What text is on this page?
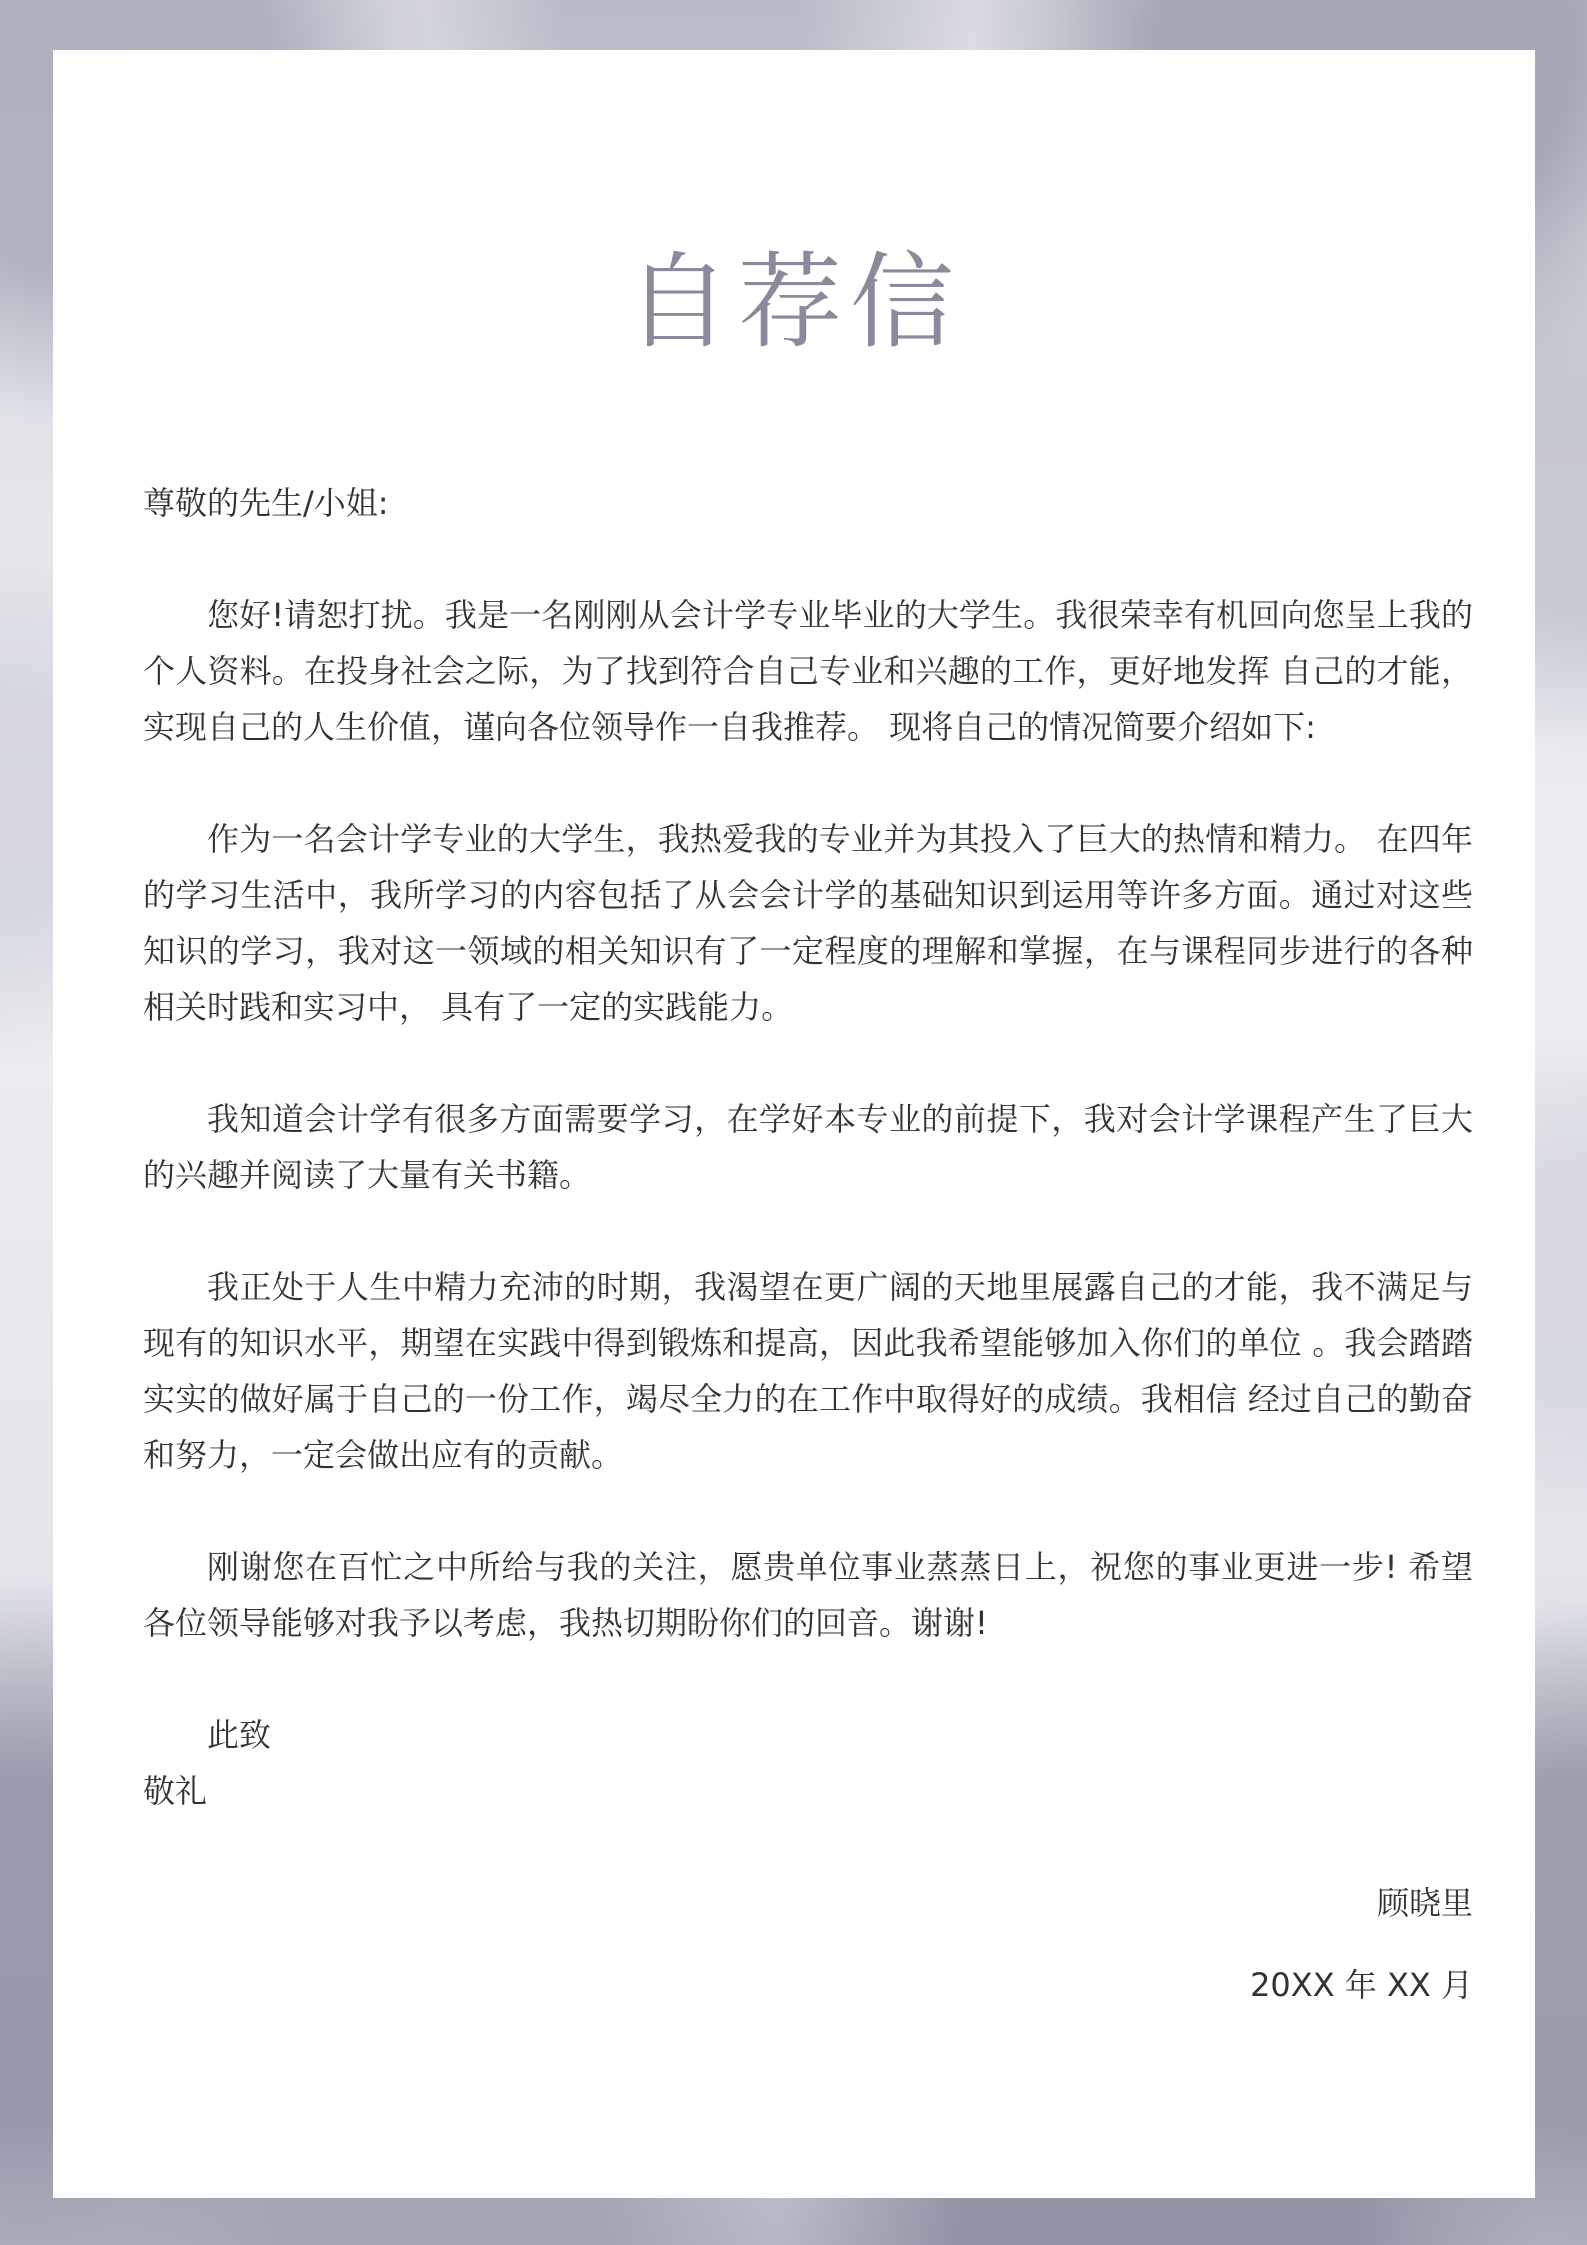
自荐信

尊敬的先生/小姐:

您好!请恕打扰。我是一名刚刚从会计学专业毕业的大学生。我很荣幸有机回向您呈上我的个人资料。在投身社会之际，为了找到符合自己专业和兴趣的工作，更好地发挥 自己的才能，实现自己的人生价值，谨向各位领导作一自我推荐。 现将自己的情况简要介绍如下:

作为一名会计学专业的大学生，我热爱我的专业并为其投入了巨大的热情和精力。 在四年的学习生活中，我所学习的内容包括了从会会计学的基础知识到运用等许多方面。通过对这些知识的学习，我对这一领域的相关知识有了一定程度的理解和掌握，在与课程同步进行的各种相关时践和实习中， 具有了一定的实践能力。

我知道会计学有很多方面需要学习，在学好本专业的前提下，我对会计学课程产生了巨大的兴趣并阅读了大量有关书籍。

我正处于人生中精力充沛的时期，我渴望在更广阔的天地里展露自己的才能，我不满足与现有的知识水平，期望在实践中得到锻炼和提高，因此我希望能够加入你们的单位 。我会踏踏实实的做好属于自己的一份工作，竭尽全力的在工作中取得好的成绩。我相信 经过自己的勤奋和努力，一定会做出应有的贡献。

刚谢您在百忙之中所给与我的关注，愿贵单位事业蒸蒸日上，祝您的事业更进一步! 希望各位领导能够对我予以考虑，我热切期盼你们的回音。谢谢!

此致

敬礼

顾晓里

20XX 年 XX 月
